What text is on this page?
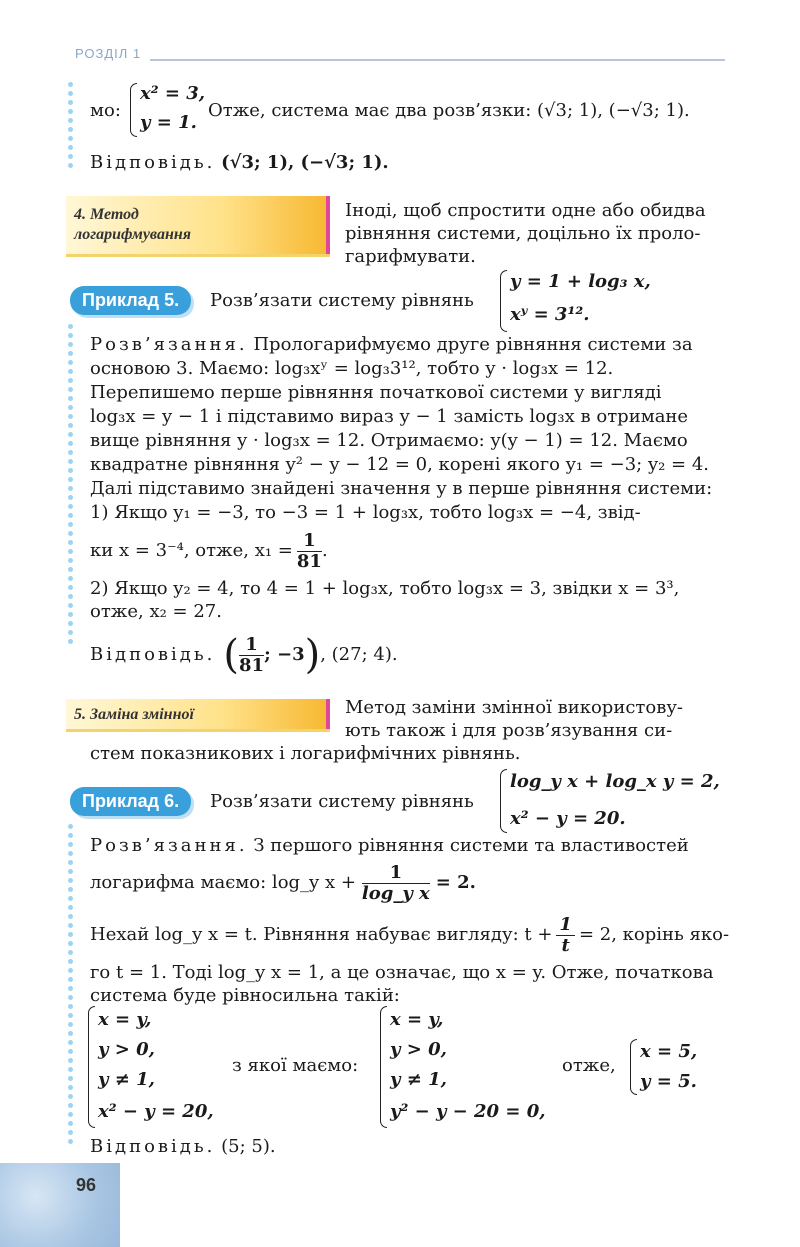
РОЗДІЛ 1
мо:
x² = 3,
y = 1.
Отже, система має два розв’язки: (√3; 1), (−√3; 1).
Відповідь. (√3; 1), (−√3; 1).
4. Метод
логарифмування
Іноді, щоб спростити одне або обидва
рівняння системи, доцільно їх проло-
гарифмувати.
Приклад 5.	Розв’язати систему рівнянь
y = 1 + log₃ x,
xʸ = 3¹².
Розв’язання. Прологарифмуємо друге рівняння системи за
основою 3. Маємо: log₃xʸ = log₃3¹², тобто y · log₃x = 12.
Перепишемо перше рівняння початкової системи у вигляді
log₃x = y − 1 і підставимо вираз y − 1 замість log₃x в отримане
вище рівняння y · log₃x = 12. Отримаємо: y(y − 1) = 12. Маємо
квадратне рівняння y² − y − 12 = 0, корені якого y₁ = −3; y₂ = 4.
Далі підставимо знайдені значення y в перше рівняння системи:
1) Якщо y₁ = −3, то −3 = 1 + log₃x, тобто log₃x = −4, звід-
ки x = 3⁻⁴, отже, $x_1 = \frac{1}{81}$ .
2) Якщо y₂ = 4, то 4 = 1 + log₃x, тобто log₃x = 3, звідки x = 3³,
отже, x₂ = 27.
Відповідь. ( $\frac{1}{81}$ ; −3 ) , (27; 4).
5. Заміна змінної	Метод заміни змінної використову-
ють також і для розв’язування си-
стем показникових і логарифмічних рівнянь.
Приклад 6.	Розв’язати систему рівнянь
log_y x + log_x y = 2,
x² − y = 20.
Розв’язання. З першого рівняння системи та властивостей
логарифма маємо: log_y $x + \frac{1}{\text{log\_y x}} = 2$.
Нехай log_y x = t. Рівняння набуває вигляду: $t + \frac{1}{t} = 2$, корінь яко-
го t = 1. Тоді log_y x = 1, а це означає, що x = y. Отже, початкова
система буде рівносильна такій:
x = y,
y > 0,
y ≠ 1,
x² − y = 20,
з якої маємо:
x = y,
y > 0,
y ≠ 1,
y² − y − 20 = 0,
отже,
x = 5,
y = 5.
Відповідь. (5; 5).
96
